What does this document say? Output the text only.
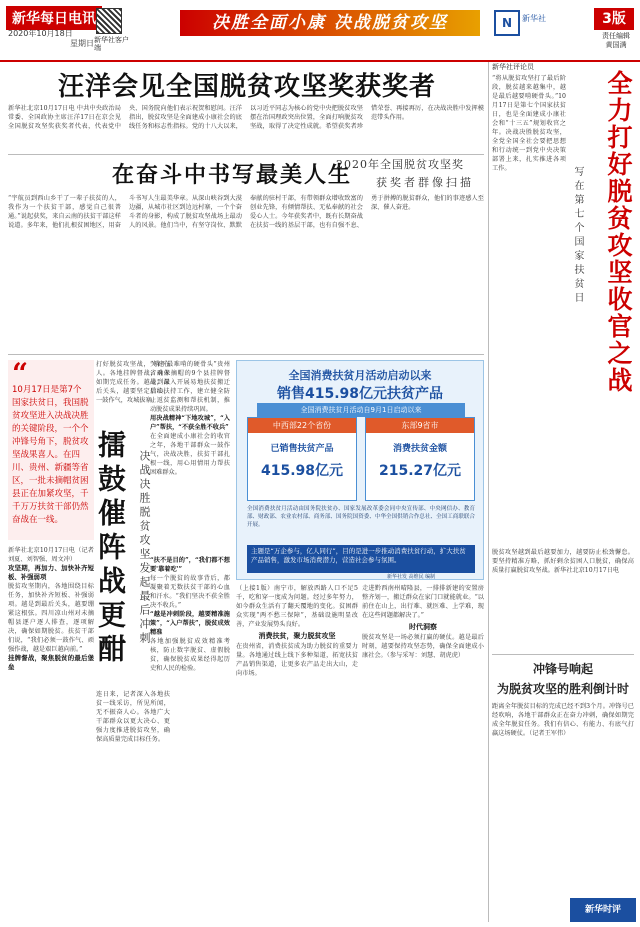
新华每日电讯
2020年10月18日
星期日 新华社客户端
决胜全面小康 决战脱贫攻坚	N	新华社	3版
责任编辑 黄国满
汪洋会见全国脱贫攻坚奖获奖者
新华社北京10月17日电 中共中央政治局常委、全国政协主席汪洋17日在京会见全国脱贫攻坚奖获奖者代表，代表党中央、国务院向他们表示祝贺和慰问。汪洋指出，脱贫攻坚是全面建成小康社会的底线任务和标志性指标。党的十八大以来，以习近平同志为核心的党中央把脱贫攻坚摆在治国理政突出位置，全面打响脱贫攻坚战，取得了决定性成就。希望获奖者珍惜荣誉、再接再厉，在决战决胜中发挥模范带头作用。
在奋斗中书写最美人生
2020年全国脱贫攻坚奖
获奖者群像扫描
“宇航员到西山乡干了一辈子扶贫的人，我作为一个扶贫干部，感觉自己很普通。”说起获奖，来自云南的扶贫干部这样说道。多年来，他们扎根贫困地区，用奋斗书写人生最美华章。从深山峡谷到大漠边疆，从城市社区到边远村寨，一个个奋斗者的身影，构成了脱贫攻坚战场上最动人的风景。他们当中，有坚守岗位、默默奉献的驻村干部，有带领群众增收致富的创业先锋，有倾情帮扶、无私奉献的社会爱心人士。今年获奖者中，既有长期奋战在扶贫一线的基层干部，也有自强不息、勇于拼搏的脱贫群众，他们的事迹感人至深、催人奋进。
“
10月17日是第7个国家扶贫日，我国脱贫攻坚进入决战决胜的关键阶段，一个个冲锋号角下，脱贫攻坚战果喜人。在四川、贵州、新疆等省区，一批未摘帽贫困县正在加紧攻坚，千千万万扶贫干部仍然奋战在一线。
新华社北京10月17日电（记者刘夏、刘智强、周文冲）
攻坚期，再加力、加快补齐短板、补强弱项
脱贫攻坚期内，各地围绕目标任务，加快补齐短板、补强弱项。越是到最后关头，越要绷紧这根弦。四川凉山州对未摘帽县逐户逐人排查，逐项解决，确保如期脱贫。扶贫干部们说，“我们必须一鼓作气、顽强作战，越是艰巨越向前。”
挂牌督战，聚焦脱贫的最后堡垒
打好脱贫攻坚战，关键在人。各地挂牌督战，确保如期完成任务。越是到最后关头，越要坚定信心，一鼓作气，攻城拔寨。
擂鼓催阵战更酣 决战决胜脱贫攻坚发起最后冲刺
连日来，记者深入各地扶贫一线采访，所见所闻，无不振奋人心。各地广大干部群众以更大决心、更强力度推进脱贫攻坚，确保高质量完成目标任务。
“啃下最难啃的硬骨头”贵州省对未摘帽的9个县挂牌督战，深入开展易地扶贫搬迁后续扶持工作，建立健全防止返贫监测和帮扶机制，推动脱贫成果持续巩固。
用决战精神“下地攻城”，“入户”帮扶，“不获全胜不收兵”
在全面建成小康社会的收官之年，各地干部群众一鼓作气，决战决胜，扶贫干部扎根一线，用心用情用力帮扶困难群众。
“扶不是目的”，“我们都不想要'靠着吃'”
每一个脱贫的故事背后，都凝聚着无数扶贫干部的心血和汗水。“我们坚决不获全胜决不收兵。”
“越是冲刺阶段，越要精准施策”，“入户帮扶”，脱贫成效精准
各地加强脱贫成效精准考核，防止数字脱贫、虚假脱贫，确保脱贫成果经得起历史和人民的检验。
全国消费扶贫月活动启动以来
销售415.98亿元扶贫产品
全国消费扶贫月活动自9月1日启动以来
中西部22个省份
已销售扶贫产品
415.98亿元
东部9省市
消费扶贫金额
215.27亿元
全国消费扶贫月活动由国务院扶贫办、国家发展改革委会同中央宣传部、中央网信办、教育部、财政部、农业农村部、商务部、国务院国资委、中华全国供销合作总社、全国工商联联合开展。
主题是“万企参与，亿人同行”，目的是进一步推动消费扶贫行动，扩大扶贫产品销售，激发市场消费潜力，营造社会参与氛围。
新华社发 高维民 编制
（上接1版）南宁市，解放西路人口不足5千，吃和穿一度成为问题。经过多年努力，如今群众生活有了翻天覆地的变化。贫困群众实现“两不愁三保障”，基础设施明显改善，产业发展势头良好。
消费扶贫，聚力脱贫攻坚
在贵州省，消费扶贫成为助力脱贫的重要力量。各地通过线上线下多种渠道，拓宽扶贫产品销售渠道，让更多农产品走出大山，走向市场。
走进黔西南州晴隆县，一排排新建的安置房整齐划一，搬迁群众在家门口就能就业。“以前住在山上，出行难、就医难、上学难，现在这些问题都解决了。”
时代洞察
脱贫攻坚是一场必须打赢的硬仗。越是最后时刻，越要保持攻坚态势，确保全面建成小康社会。（参与采写：刘慧、胡虎虎）
新华社评论员
全力打好脱贫攻坚收官之战
写在第七个国家扶贫日
“将从脱贫攻坚打了最后阶段，脱贫越来越集中，越是最后越要啃硬骨头。”10月17日是第七个国家扶贫日，也是全面建成小康社会和“十三五”规划收官之年。决战决胜脱贫攻坚，全党全国全社会要把思想和行动统一到党中央决策部署上来，扎实推进各项工作。
脱贫攻坚越到最后越要加力，越要防止松劲懈怠。要坚持精准方略，抓好剩余贫困人口脱贫，确保高质量打赢脱贫攻坚战。新华社北京10月17日电
冲锋号响起
为脱贫攻坚的胜利倒计时
距离全年脱贫目标的完成已经不到3个月。冲锋号已经吹响，各地干部群众正在奋力冲刺，确保如期完成全年脱贫任务。我们有信心、有能力、有底气打赢这场硬仗。（记者王军伟）
新华时评
